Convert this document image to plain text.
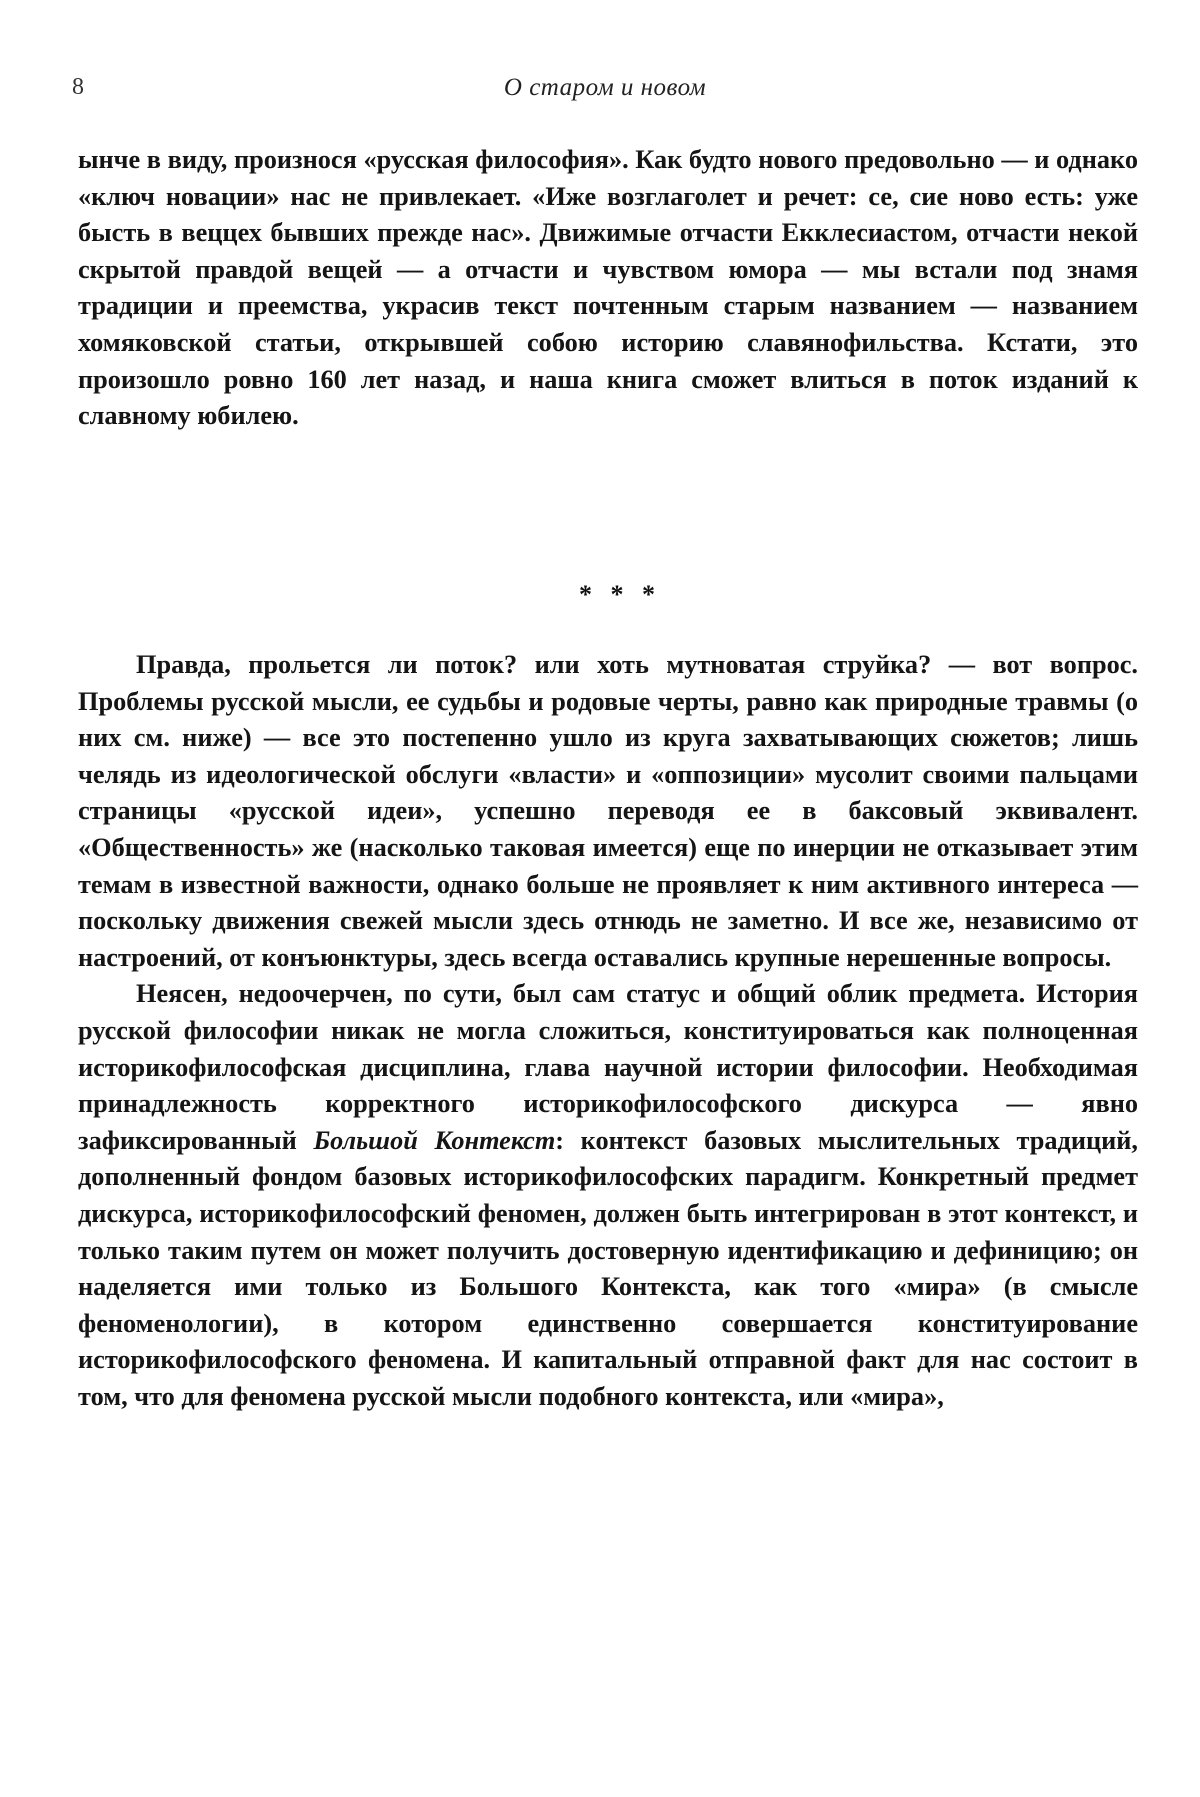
8	О старом и новом

ынче в виду, произнося «русская философия». Как будто нового предовольно — и однако «ключ новации» нас не привлекает. «Иже возглаголет и речет: се, сие ново есть: уже бысть в веццех бывших прежде нас». Движимые отчасти Екклесиастом, отчасти некой скрытой правдой вещей — а отчасти и чувством юмора — мы встали под знамя традиции и преемства, украсив текст почтенным старым названием — названием хомяковской статьи, открывшей собою историю славянофильства. Кстати, это произошло ровно 160 лет назад, и наша книга сможет влиться в поток изданий к славному юбилею.

* * *

Правда, прольется ли поток? или хоть мутноватая струйка? — вот вопрос. Проблемы русской мысли, ее судьбы и родовые черты, равно как природные травмы (о них см. ниже) — все это постепенно ушло из круга захватывающих сюжетов; лишь челядь из идеологической обслуги «власти» и «оппозиции» мусолит своими пальцами страницы «русской идеи», успешно переводя ее в баксовый эквивалент. «Общественность» же (насколько таковая имеется) еще по инерции не отказывает этим темам в известной важности, однако больше не проявляет к ним активного интереса — поскольку движения свежей мысли здесь отнюдь не заметно. И все же, независимо от настроений, от конъюнктуры, здесь всегда оставались крупные нерешенные вопросы.

Неясен, недоочерчен, по сути, был сам статус и общий облик предмета. История русской философии никак не могла сложиться, конституироваться как полноценная историкофилософская дисциплина, глава научной истории философии. Необходимая принадлежность корректного историкофилософского дискурса — явно зафиксированный Большой Контекст: контекст базовых мыслительных традиций, дополненный фондом базовых историкофилософских парадигм. Конкретный предмет дискурса, историкофилософский феномен, должен быть интегрирован в этот контекст, и только таким путем он может получить достоверную идентификацию и дефиницию; он наделяется ими только из Большого Контекста, как того «мира» (в смысле феноменологии), в котором единственно совершается конституирование историкофилософского феномена. И капитальный отправной факт для нас состоит в том, что для феномена русской мысли подобного контекста, или «мира»,
